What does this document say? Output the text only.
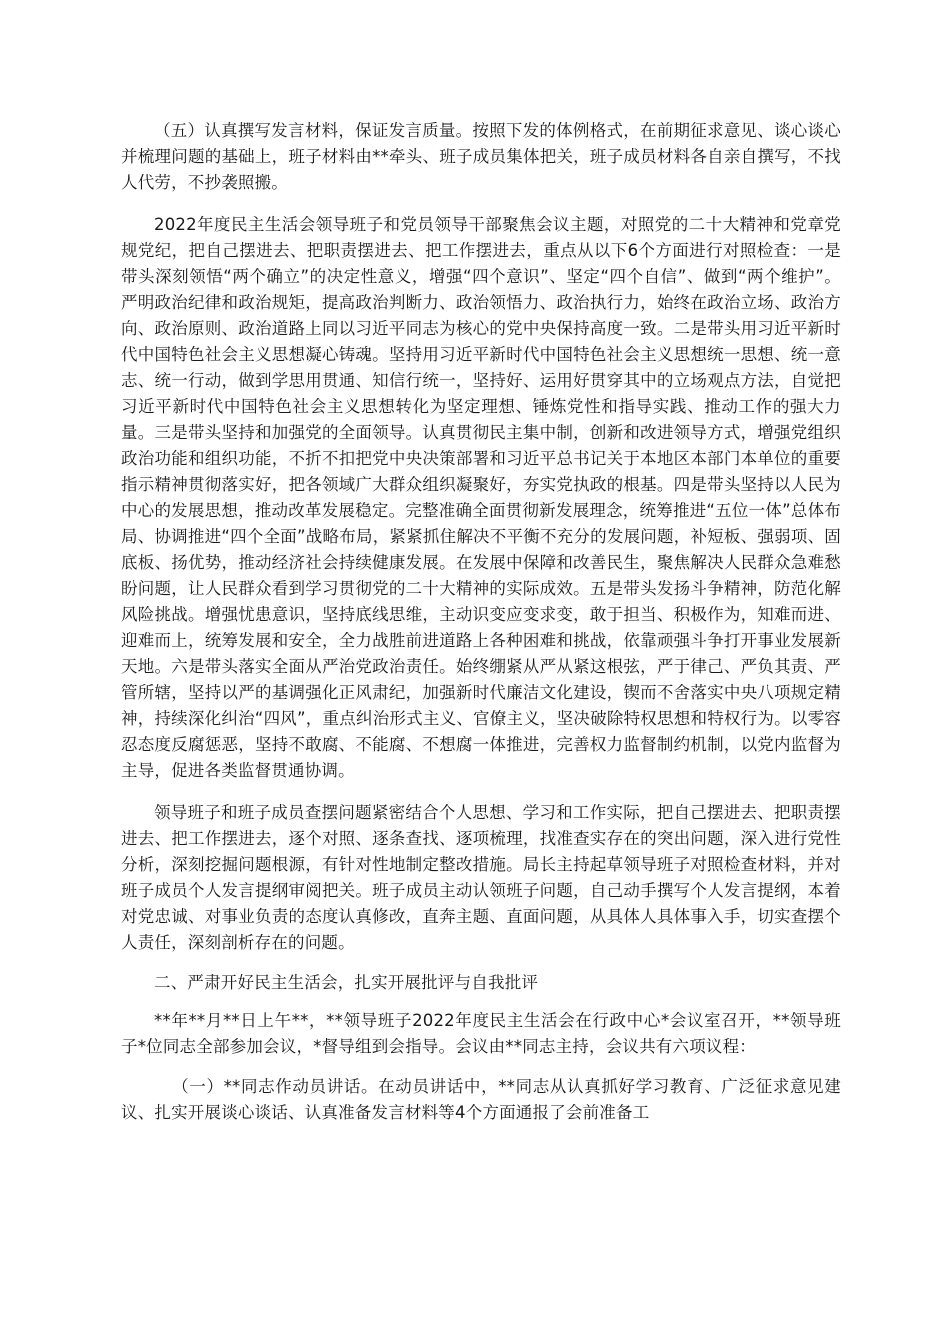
（五）认真撰写发言材料，保证发言质量。按照下发的体例格式，在前期征求意见、谈心谈心并梳理问题的基础上，班子材料由**牵头、班子成员集体把关，班子成员材料各自亲自撰写，不找人代劳，不抄袭照搬。

2022年度民主生活会领导班子和党员领导干部聚焦会议主题，对照党的二十大精神和党章党规党纪，把自己摆进去、把职责摆进去、把工作摆进去，重点从以下6个方面进行对照检查：一是带头深刻领悟“两个确立”的决定性意义，增强“四个意识”、坚定“四个自信”、做到“两个维护”。严明政治纪律和政治规矩，提高政治判断力、政治领悟力、政治执行力，始终在政治立场、政治方向、政治原则、政治道路上同以习近平同志为核心的党中央保持高度一致。二是带头用习近平新时代中国特色社会主义思想凝心铸魂。坚持用习近平新时代中国特色社会主义思想统一思想、统一意志、统一行动，做到学思用贯通、知信行统一，坚持好、运用好贯穿其中的立场观点方法，自觉把习近平新时代中国特色社会主义思想转化为坚定理想、锤炼党性和指导实践、推动工作的强大力量。三是带头坚持和加强党的全面领导。认真贯彻民主集中制，创新和改进领导方式，增强党组织政治功能和组织功能，不折不扣把党中央决策部署和习近平总书记关于本地区本部门本单位的重要指示精神贯彻落实好，把各领域广大群众组织凝聚好，夯实党执政的根基。四是带头坚持以人民为中心的发展思想，推动改革发展稳定。完整准确全面贯彻新发展理念，统筹推进“五位一体”总体布局、协调推进“四个全面”战略布局，紧紧抓住解决不平衡不充分的发展问题，补短板、强弱项、固底板、扬优势，推动经济社会持续健康发展。在发展中保障和改善民生，聚焦解决人民群众急难愁盼问题，让人民群众看到学习贯彻党的二十大精神的实际成效。五是带头发扬斗争精神，防范化解风险挑战。增强忧患意识，坚持底线思维，主动识变应变求变，敢于担当、积极作为，知难而进、迎难而上，统筹发展和安全，全力战胜前进道路上各种困难和挑战，依靠顽强斗争打开事业发展新天地。六是带头落实全面从严治党政治责任。始终绷紧从严从紧这根弦，严于律己、严负其责、严管所辖，坚持以严的基调强化正风肃纪，加强新时代廉洁文化建设，锲而不舍落实中央八项规定精神，持续深化纠治“四风”，重点纠治形式主义、官僚主义，坚决破除特权思想和特权行为。以零容忍态度反腐惩恶，坚持不敢腐、不能腐、不想腐一体推进，完善权力监督制约机制，以党内监督为主导，促进各类监督贯通协调。

领导班子和班子成员查摆问题紧密结合个人思想、学习和工作实际，把自己摆进去、把职责摆进去、把工作摆进去，逐个对照、逐条查找、逐项梳理，找准查实存在的突出问题，深入进行党性分析，深刻挖掘问题根源，有针对性地制定整改措施。局长主持起草领导班子对照检查材料，并对班子成员个人发言提纲审阅把关。班子成员主动认领班子问题，自己动手撰写个人发言提纲，本着对党忠诚、对事业负责的态度认真修改，直奔主题、直面问题，从具体人具体事入手，切实查摆个人责任，深刻剖析存在的问题。

二、严肃开好民主生活会，扎实开展批评与自我批评

**年**月**日上午**，**领导班子2022年度民主生活会在行政中心*会议室召开，**领导班子*位同志全部参加会议，*督导组到会指导。会议由**同志主持，会议共有六项议程：

（一）**同志作动员讲话。在动员讲话中，**同志从认真抓好学习教育、广泛征求意见建议、扎实开展谈心谈话、认真准备发言材料等4个方面通报了会前准备工
